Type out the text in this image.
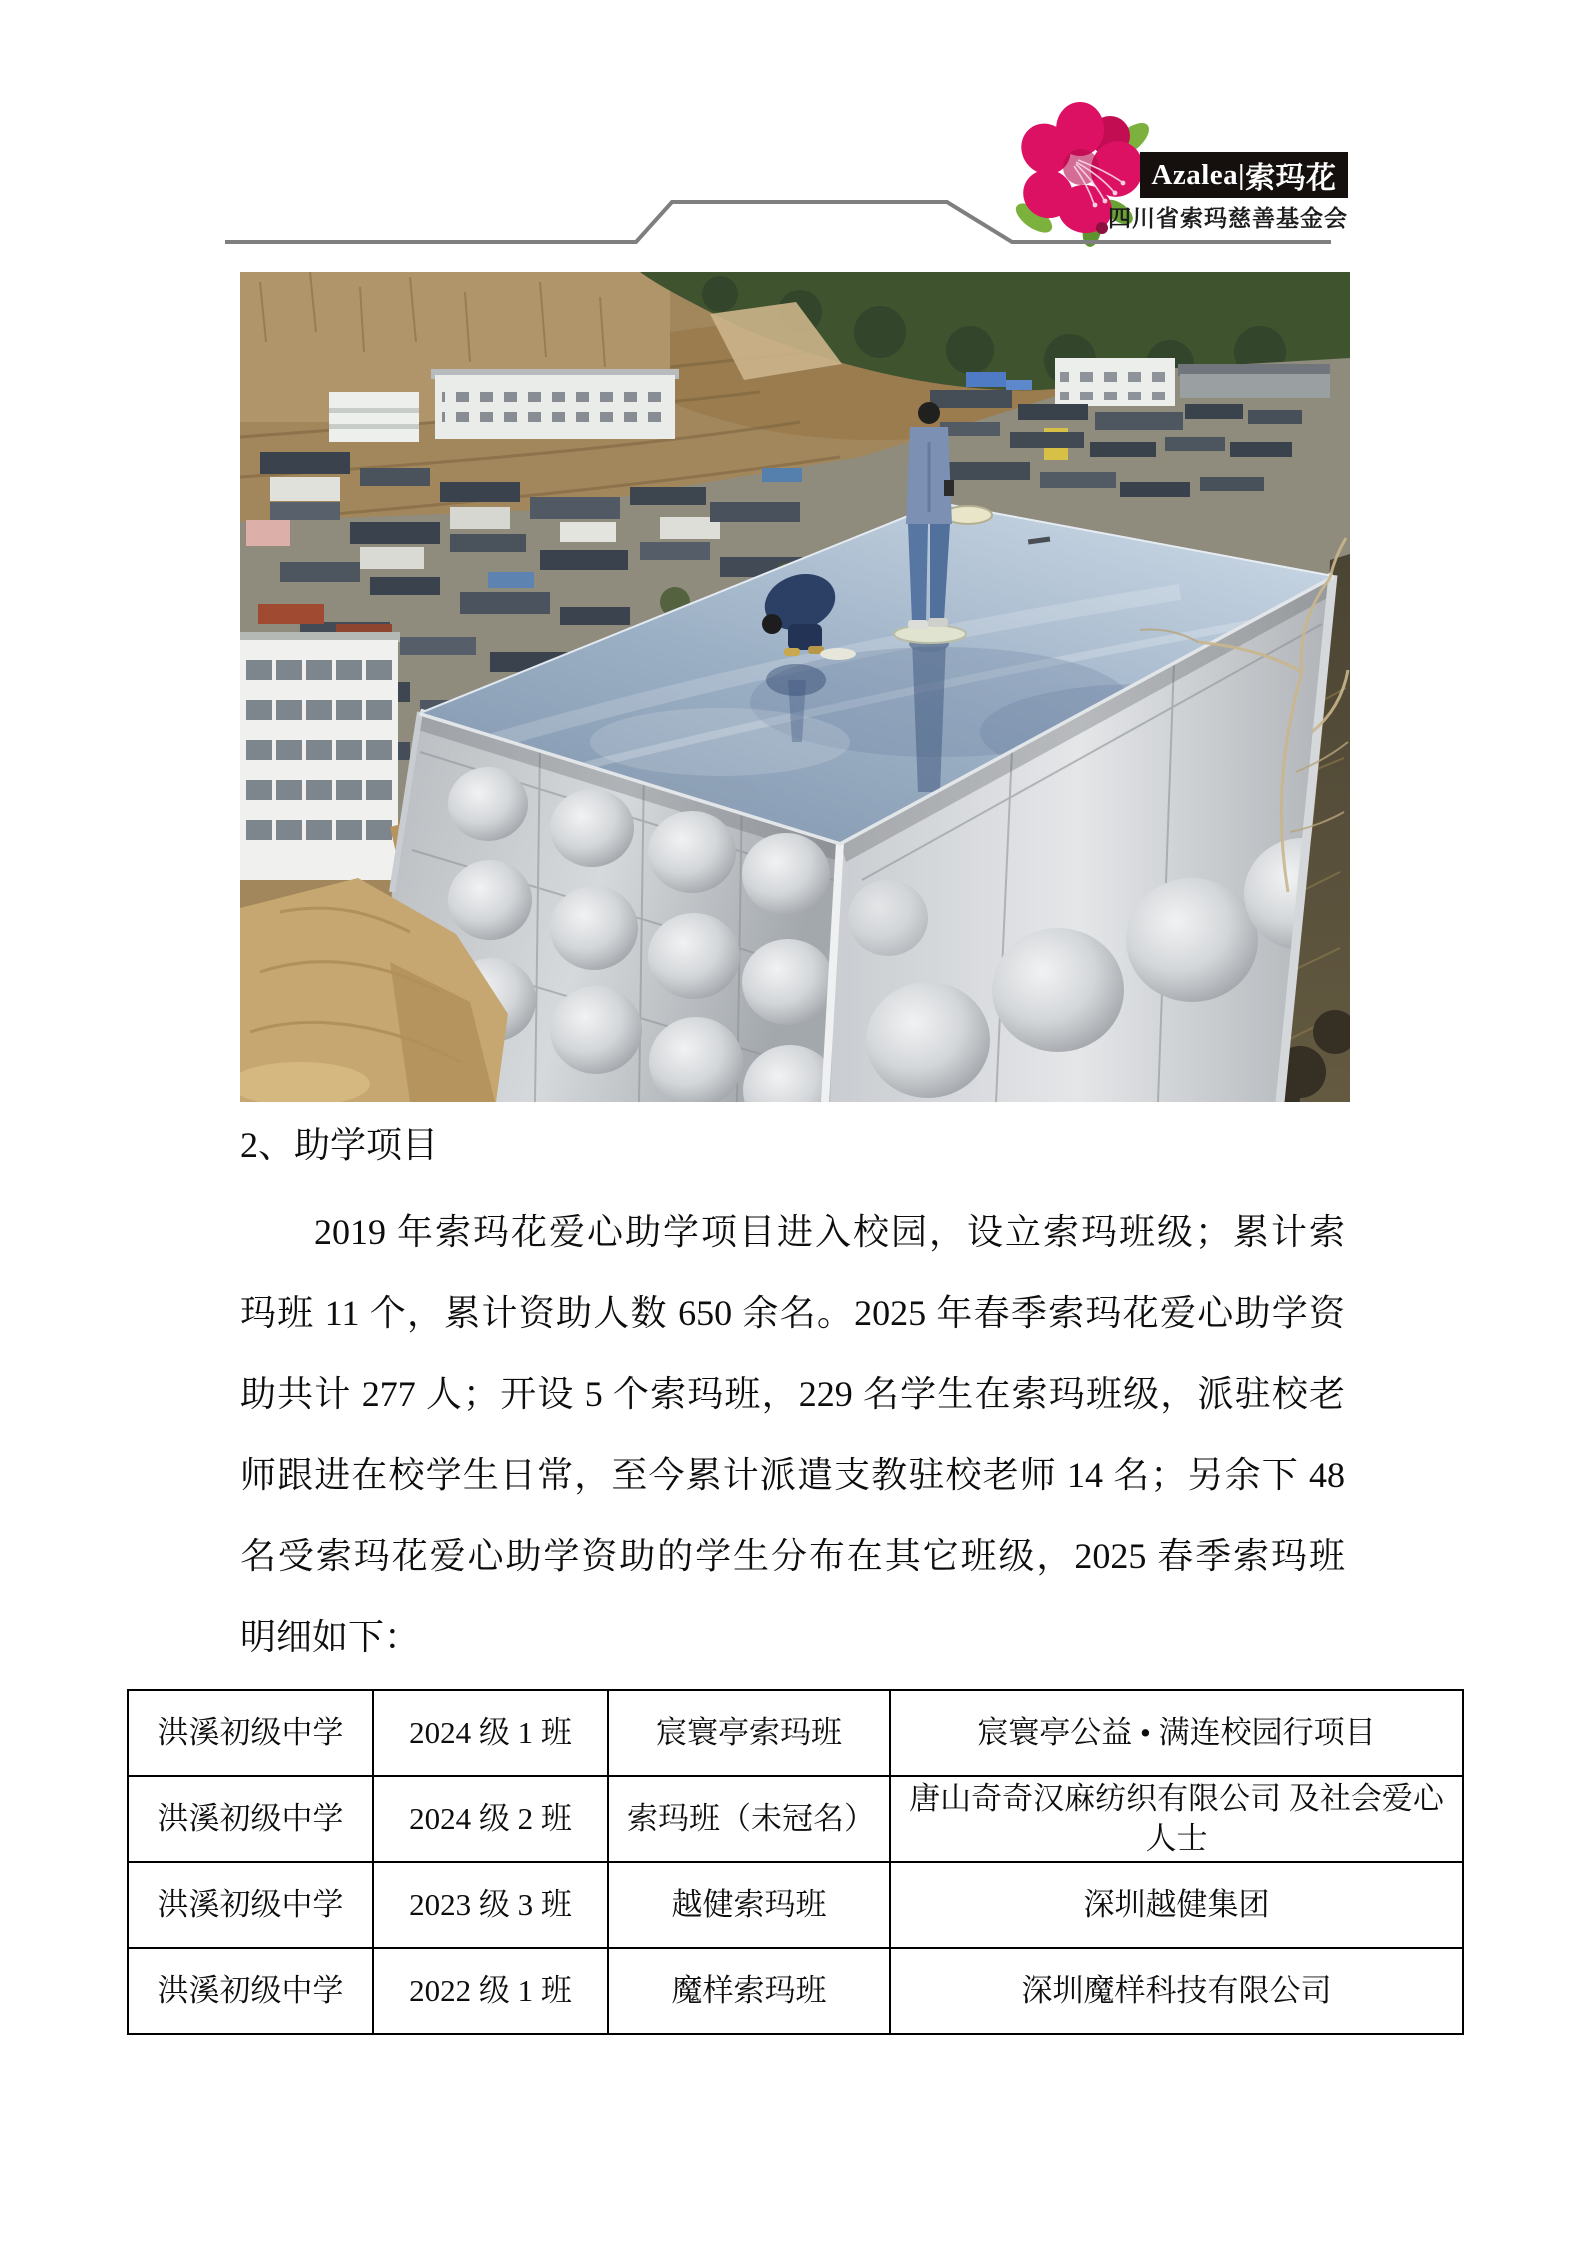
Azalea | 索玛花
四川省索玛慈善基金会
2、助学项目
2019 年索玛花爱心助学项目进入校园，设立索玛班级；累计索
玛班 11 个，累计资助人数 650 余名。2025 年春季索玛花爱心助学资
助共计 277 人；开设 5 个索玛班，229 名学生在索玛班级，派驻校老
师跟进在校学生日常，至今累计派遣支教驻校老师 14 名；另余下 48
名受索玛花爱心助学资助的学生分布在其它班级，2025 春季索玛班
明细如下：
洪溪初级中学	2024 级 1 班	宸寰亭索玛班	宸寰亭公益 • 满连校园行项目
洪溪初级中学	2024 级 2 班	索玛班（未冠名）	唐山奇奇汉麻纺织有限公司 及社会爱心人士
洪溪初级中学	2023 级 3 班	越健索玛班	深圳越健集团
洪溪初级中学	2022 级 1 班	魔样索玛班	深圳魔样科技有限公司
